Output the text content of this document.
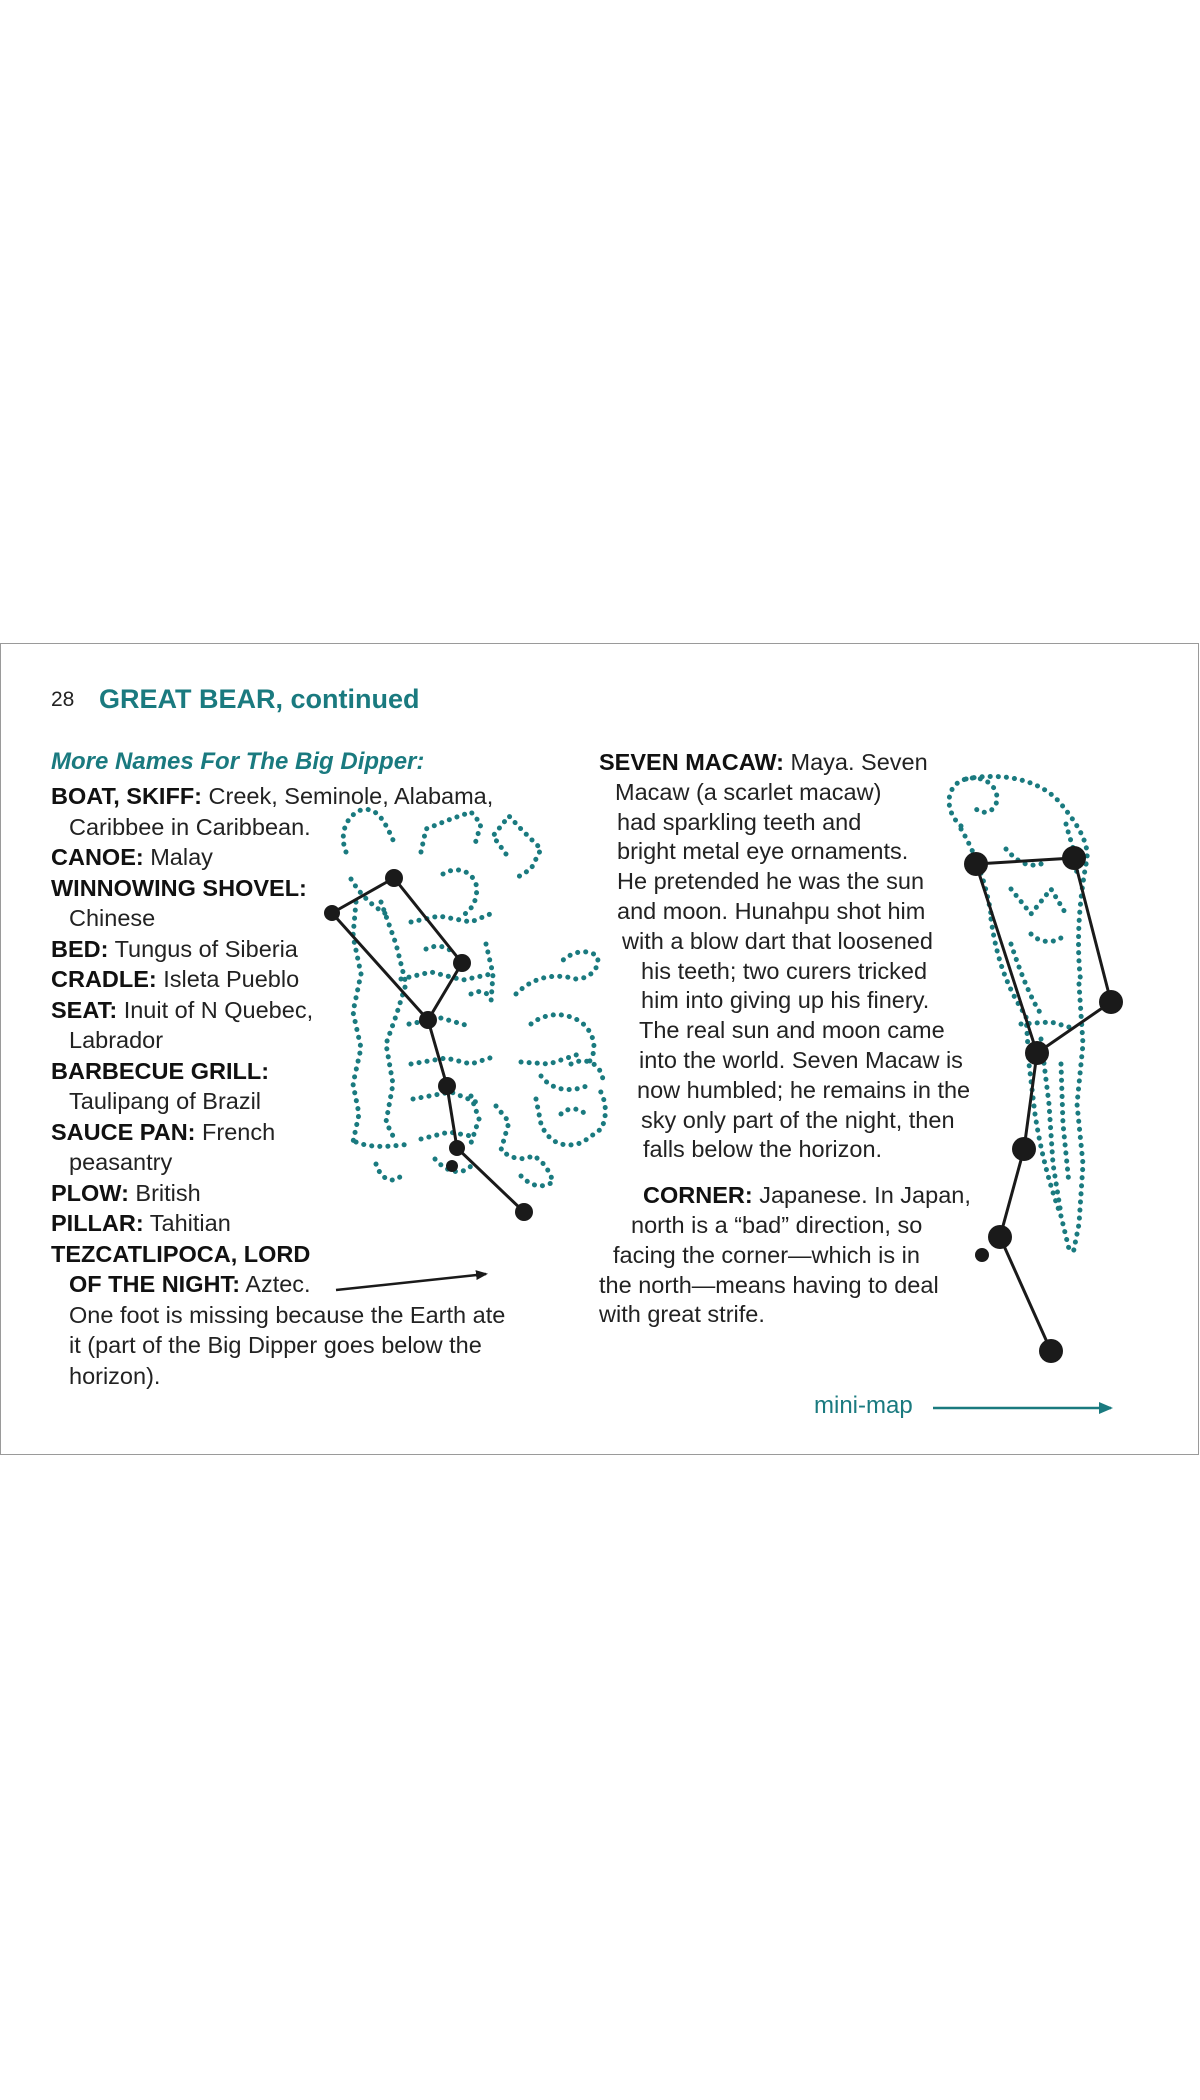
28 GREAT BEAR, continued
More Names For The Big Dipper:
BOAT, SKIFF: Creek, Seminole, Alabama,
Caribbee in Caribbean.
CANOE: Malay
WINNOWING SHOVEL:
Chinese
BED: Tungus of Siberia
CRADLE: Isleta Pueblo
SEAT: Inuit of N Quebec,
Labrador
BARBECUE GRILL:
Taulipang of Brazil
SAUCE PAN: French
peasantry
PLOW: British
PILLAR: Tahitian
TEZCATLIPOCA, LORD
OF THE NIGHT: Aztec.
One foot is missing because the Earth ate
it (part of the Big Dipper goes below the
horizon).
SEVEN MACAW: Maya. Seven
Macaw (a scarlet macaw)
had sparkling teeth and
bright metal eye ornaments.
He pretended he was the sun
and moon. Hunahpu shot him
with a blow dart that loosened
his teeth; two curers tricked
him into giving up his finery.
The real sun and moon came
into the world. Seven Macaw is
now humbled; he remains in the
sky only part of the night, then
falls below the horizon.
CORNER: Japanese. In Japan,
north is a “bad” direction, so
facing the corner—which is in
the north—means having to deal
with great strife.
mini-map
